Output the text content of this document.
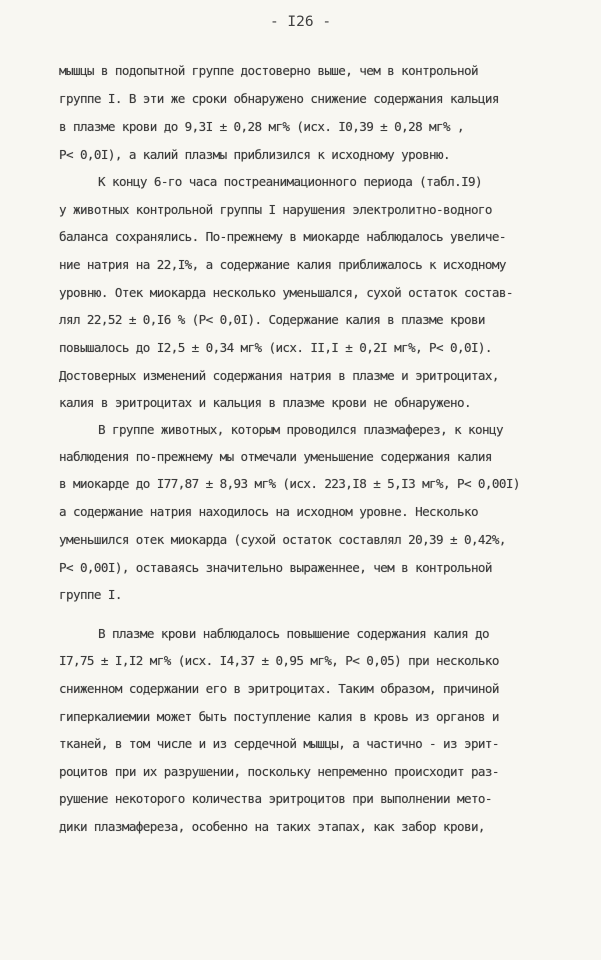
- I26 -
мышцы в подопытной группе достоверно выше, чем в контрольной
группе I. В эти же сроки обнаружено снижение содержания кальция
в плазме крови до 9,3I ± 0,28 мг% (исх. I0,39 ± 0,28 мг% ,
Р< 0,0I), а калий плазмы приблизился к исходному уровню.
К концу 6-го часа постреанимационного периода (табл.I9)
у животных контрольной группы I нарушения электролитно-водного
баланса сохранялись. По-прежнему в миокарде наблюдалось увеличе-
ние натрия на 22,I%, а содержание калия приближалось к исходному
уровню. Отек миокарда несколько уменьшался, сухой остаток состав-
лял 22,52 ± 0,I6 % (Р< 0,0I). Содержание калия в плазме крови
повышалось до I2,5 ± 0,34 мг% (исх. II,I ± 0,2I мг%, Р< 0,0I).
Достоверных изменений содержания натрия в плазме и эритроцитах,
калия в эритроцитах и кальция в плазме крови не обнаружено.
В группе животных, которым проводился плазмаферез, к концу
наблюдения по-прежнему мы отмечали уменьшение содержания калия
в миокарде до I77,87 ± 8,93 мг% (исх. 223,I8 ± 5,I3 мг%, Р< 0,00I)
а содержание натрия находилось на исходном уровне. Несколько
уменьшился отек миокарда (сухой остаток составлял 20,39 ± 0,42%,
Р< 0,00I), оставаясь значительно выраженнее, чем в контрольной
группе I.
В плазме крови наблюдалось повышение содержания калия до
I7,75 ± I,I2 мг% (исх. I4,37 ± 0,95 мг%, Р< 0,05) при несколько
сниженном содержании его в эритроцитах. Таким образом, причиной
гиперкалиемии может быть поступление калия в кровь из органов и
тканей, в том числе и из сердечной мышцы, а частично - из эрит-
роцитов при их разрушении, поскольку непременно происходит раз-
рушение некоторого количества эритроцитов при выполнении мето-
дики плазмафереза, особенно на таких этапах, как забор крови,
